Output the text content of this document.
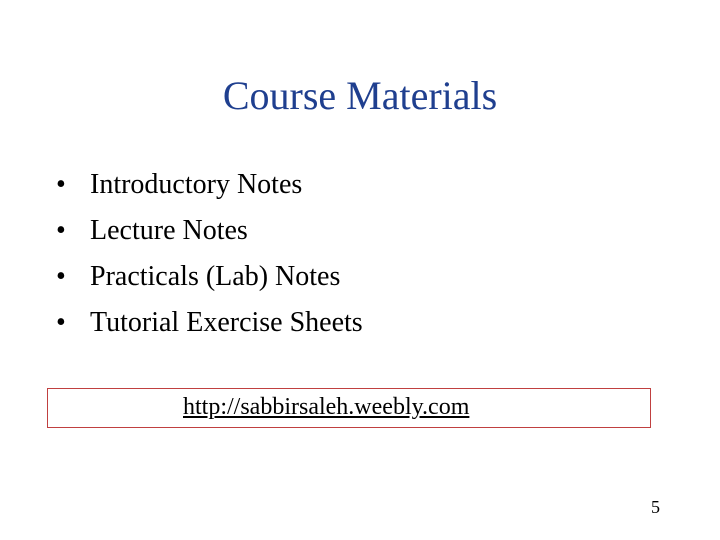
Course Materials
• Introductory Notes
• Lecture Notes
• Practicals (Lab) Notes
• Tutorial Exercise Sheets
http://sabbirsaleh.weebly.com
5
